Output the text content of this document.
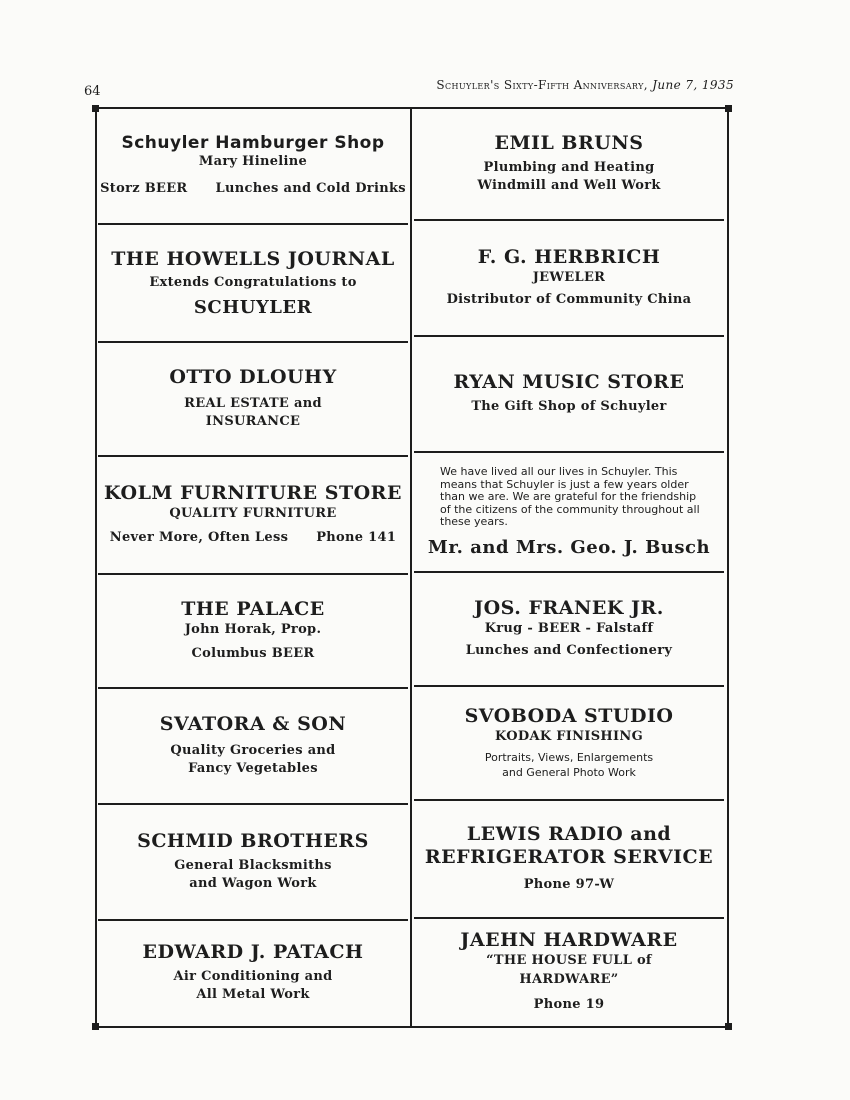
64	Schuyler's Sixty-Fifth Anniversary, June 7, 1935
Schuyler Hamburger Shop
Mary Hineline
Storz BEER Lunches and Cold Drinks
THE HOWELLS JOURNAL
Extends Congratulations to
SCHUYLER
OTTO DLOUHY
REAL ESTATE and
INSURANCE
KOLM FURNITURE STORE
QUALITY FURNITURE
Never More, Often Less Phone 141
THE PALACE
John Horak, Prop.
Columbus BEER
SVATORA & SON
Quality Groceries and
Fancy Vegetables
SCHMID BROTHERS
General Blacksmiths
and Wagon Work
EDWARD J. PATACH
Air Conditioning and
All Metal Work
EMIL BRUNS
Plumbing and Heating
Windmill and Well Work
F. G. HERBRICH
JEWELER
Distributor of Community China
RYAN MUSIC STORE
The Gift Shop of Schuyler
We have lived all our lives in Schuyler. This means that Schuyler is just a few years older than we are. We are grateful for the friendship of the citizens of the community throughout all these years.
Mr. and Mrs. Geo. J. Busch
JOS. FRANEK JR.
Krug - BEER - Falstaff
Lunches and Confectionery
SVOBODA STUDIO
KODAK FINISHING
Portraits, Views, Enlargements
and General Photo Work
LEWIS RADIO and
REFRIGERATOR SERVICE
Phone 97-W
JAEHN HARDWARE
“THE HOUSE FULL of
HARDWARE”
Phone 19
